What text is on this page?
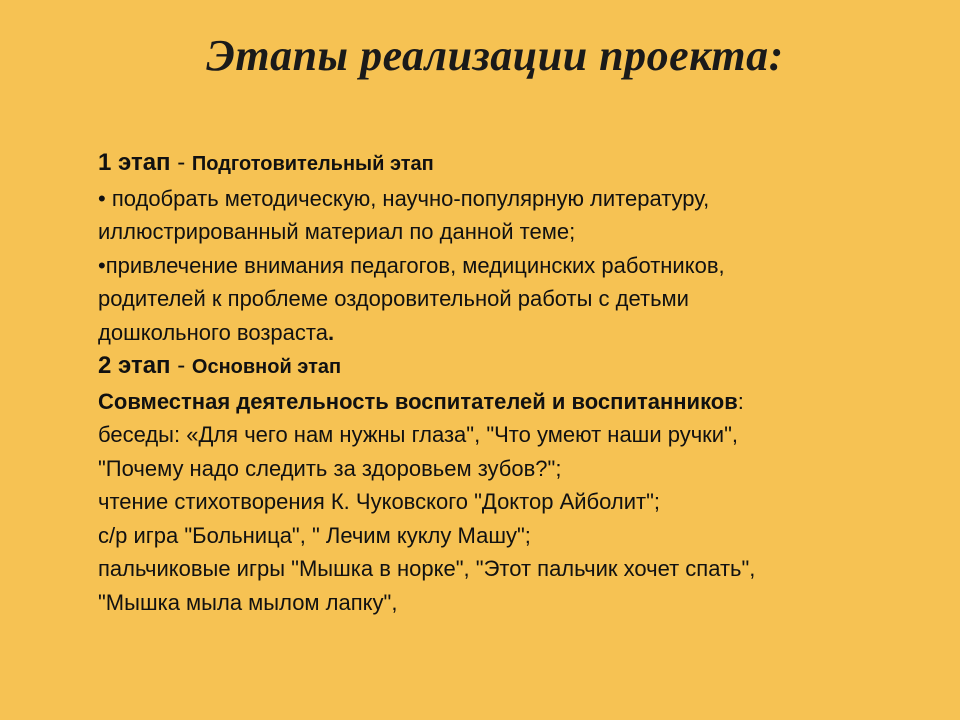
Этапы реализации проекта:
1 этап - Подготовительный этап
• подобрать методическую, научно-популярную литературу,
иллюстрированный материал по данной теме;
•привлечение внимания педагогов, медицинских работников,
родителей к проблеме оздоровительной работы с детьми
дошкольного возраста.
2 этап - Основной этап
Совместная деятельность воспитателей и воспитанников:
беседы: «Для чего нам нужны глаза", "Что умеют наши ручки",
"Почему надо следить за здоровьем зубов?";
чтение стихотворения К. Чуковского "Доктор Айболит";
с/р игра "Больница", " Лечим куклу Машу";
пальчиковые игры "Мышка в норке", "Этот пальчик хочет спать",
"Мышка мыла мылом лапку",
